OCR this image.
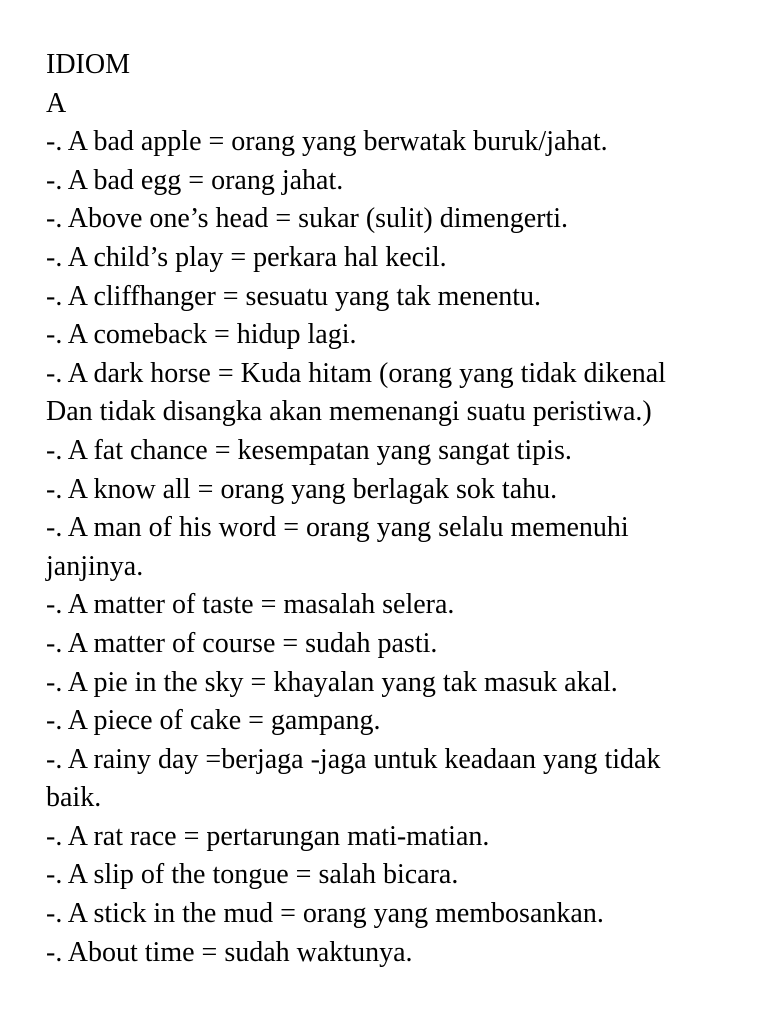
IDIOM
A
-. A bad apple = orang yang berwatak buruk/jahat.
-. A bad egg = orang jahat.
-. Above one’s head = sukar (sulit) dimengerti.
-. A child’s play = perkara hal kecil.
-. A cliffhanger = sesuatu yang tak menentu.
-. A comeback = hidup lagi.
-. A dark horse = Kuda hitam (orang yang tidak dikenal
Dan tidak disangka akan memenangi suatu peristiwa.)
-. A fat chance = kesempatan yang sangat tipis.
-. A know all = orang yang berlagak sok tahu.
-. A man of his word = orang yang selalu memenuhi
janjinya.
-. A matter of taste = masalah selera.
-. A matter of course = sudah pasti.
-. A pie in the sky = khayalan yang tak masuk akal.
-. A piece of cake = gampang.
-. A rainy day =berjaga -jaga untuk keadaan yang tidak
baik.
-. A rat race = pertarungan mati-matian.
-. A slip of the tongue = salah bicara.
-. A stick in the mud = orang yang membosankan.
-. About time = sudah waktunya.
